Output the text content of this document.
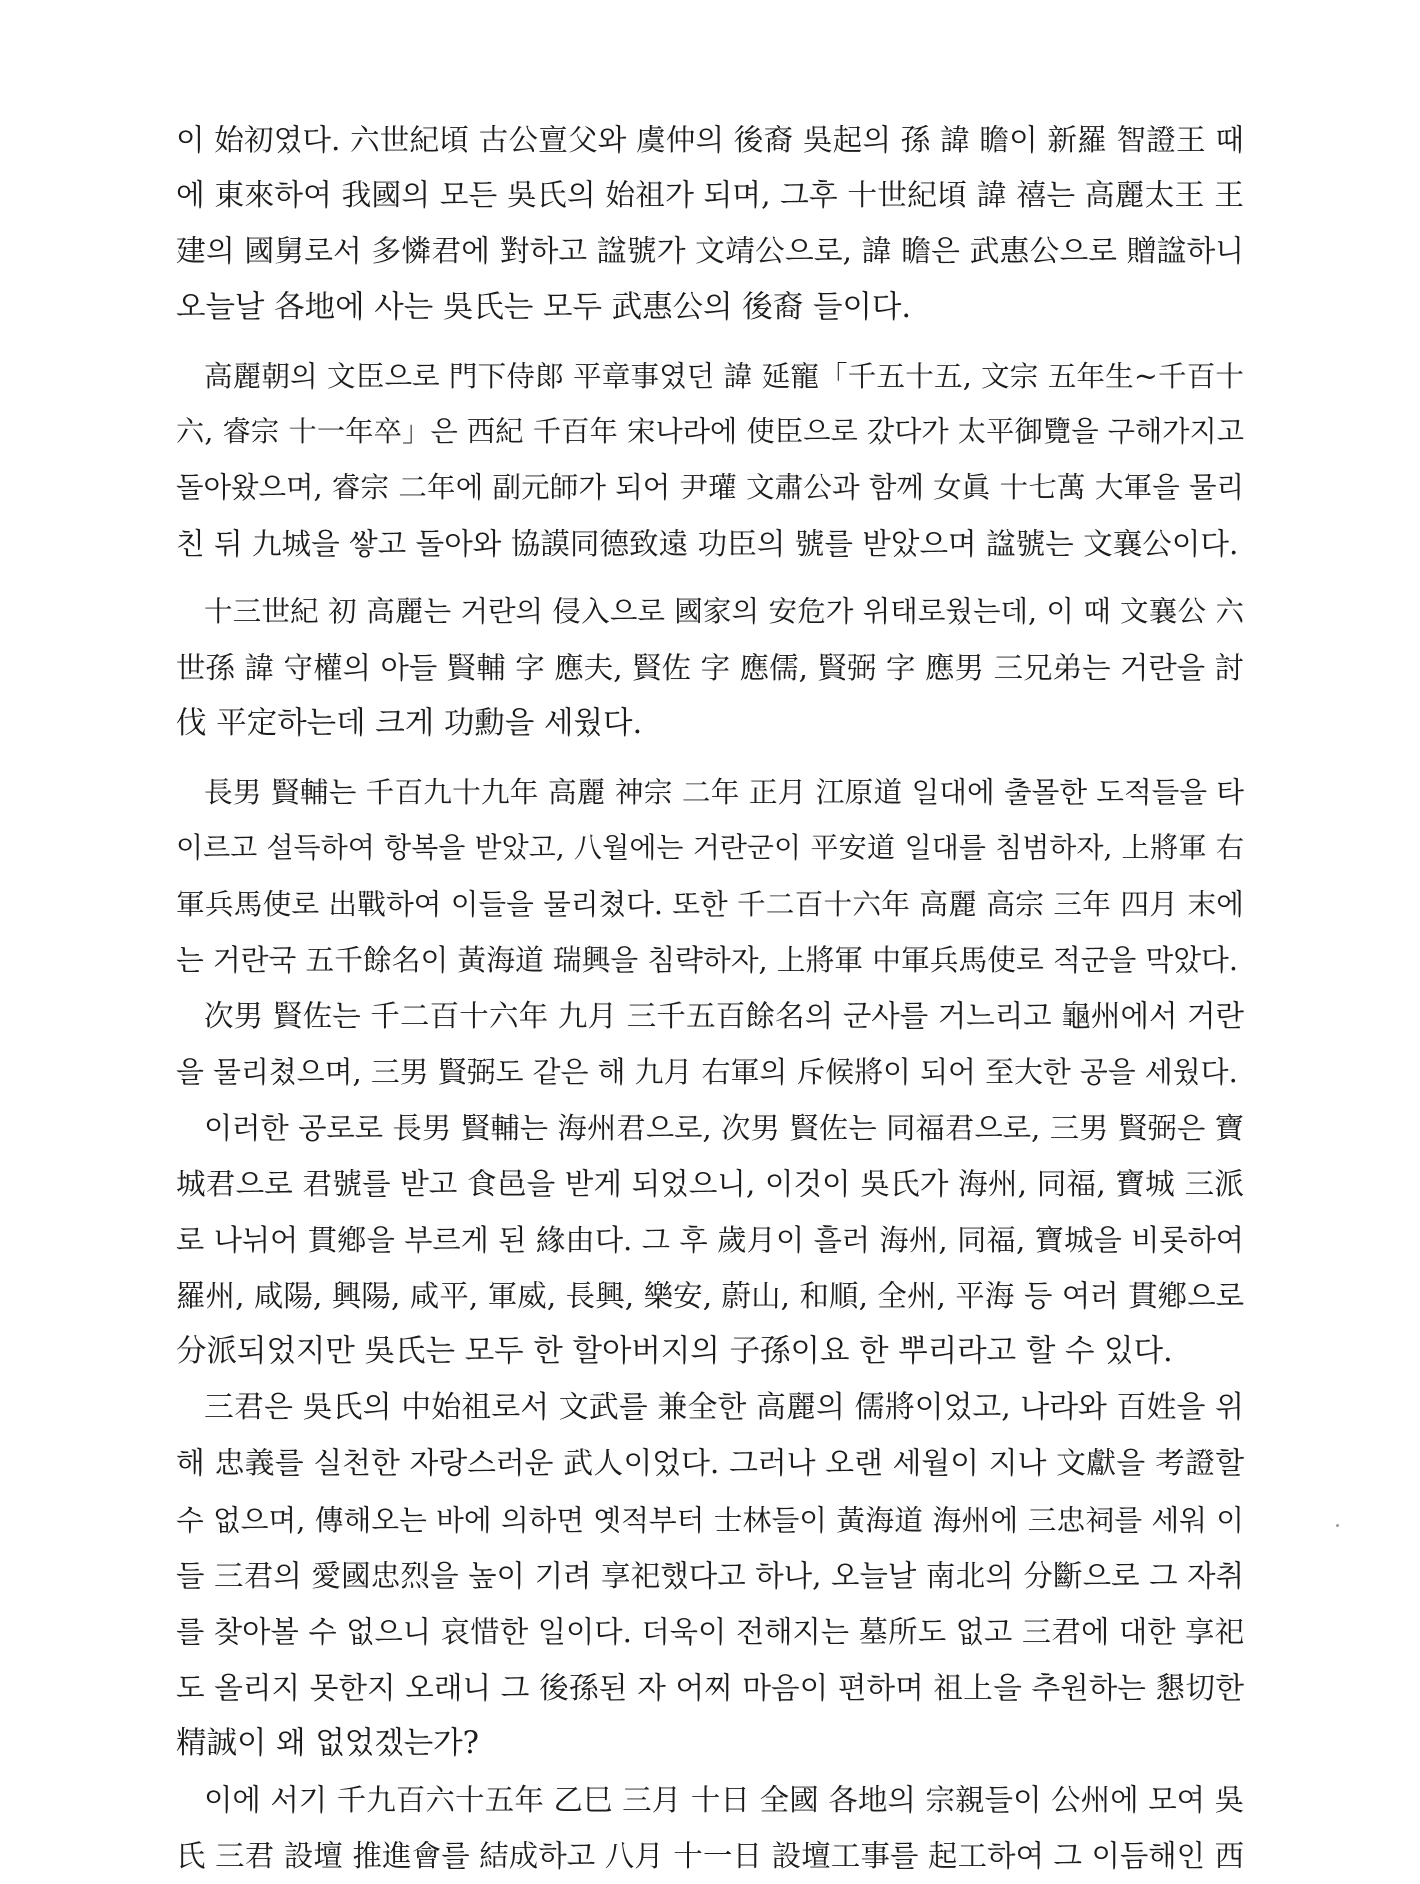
이 始初였다. 六世紀頃 古公亶父와 虞仲의 後裔 吳起의 孫 諱 瞻이 新羅 智證王 때
에 東來하여 我國의 모든 吳氏의 始祖가 되며, 그후 十世紀頃 諱 禧는 高麗太王 王
建의 國舅로서 多憐君에 對하고 諡號가 文靖公으로, 諱 瞻은 武惠公으로 贈諡하니
오늘날 各地에 사는 吳氏는 모두 武惠公의 後裔 들이다.
高麗朝의 文臣으로 門下侍郞 平章事였던 諱 延寵「千五十五, 文宗 五年生~千百十
六, 睿宗 十一年卒」은 西紀 千百年 宋나라에 使臣으로 갔다가 太平御覽을 구해가지고
돌아왔으며, 睿宗 二年에 副元師가 되어 尹瓘 文肅公과 함께 女眞 十七萬 大軍을 물리
친 뒤 九城을 쌓고 돌아와 協謨同德致遠 功臣의 號를 받았으며 諡號는 文襄公이다.
十三世紀 初 高麗는 거란의 侵入으로 國家의 安危가 위태로웠는데, 이 때 文襄公 六
世孫 諱 守權의 아들 賢輔 字 應夫, 賢佐 字 應儒, 賢弼 字 應男 三兄弟는 거란을 討
伐 平定하는데 크게 功勳을 세웠다.
長男 賢輔는 千百九十九年 高麗 神宗 二年 正月 江原道 일대에 출몰한 도적들을 타
이르고 설득하여 항복을 받았고, 八월에는 거란군이 平安道 일대를 침범하자, 上將軍 右
軍兵馬使로 出戰하여 이들을 물리쳤다. 또한 千二百十六年 高麗 高宗 三年 四月 末에
는 거란국 五千餘名이 黃海道 瑞興을 침략하자, 上將軍 中軍兵馬使로 적군을 막았다.
次男 賢佐는 千二百十六年 九月 三千五百餘名의 군사를 거느리고 龜州에서 거란
을 물리쳤으며, 三男 賢弼도 같은 해 九月 右軍의 斥候將이 되어 至大한 공을 세웠다.
이러한 공로로 長男 賢輔는 海州君으로, 次男 賢佐는 同福君으로, 三男 賢弼은 寶
城君으로 君號를 받고 食邑을 받게 되었으니, 이것이 吳氏가 海州, 同福, 寶城 三派
로 나뉘어 貫鄕을 부르게 된 緣由다. 그 후 歲月이 흘러 海州, 同福, 寶城을 비롯하여
羅州, 咸陽, 興陽, 咸平, 軍威, 長興, 樂安, 蔚山, 和順, 全州, 平海 등 여러 貫鄕으로
分派되었지만 吳氏는 모두 한 할아버지의 子孫이요 한 뿌리라고 할 수 있다.
三君은 吳氏의 中始祖로서 文武를 兼全한 高麗의 儒將이었고, 나라와 百姓을 위
해 忠義를 실천한 자랑스러운 武人이었다. 그러나 오랜 세월이 지나 文獻을 考證할
수 없으며, 傳해오는 바에 의하면 옛적부터 士林들이 黃海道 海州에 三忠祠를 세워 이
들 三君의 愛國忠烈을 높이 기려 享祀했다고 하나, 오늘날 南北의 分斷으로 그 자취
를 찾아볼 수 없으니 哀惜한 일이다. 더욱이 전해지는 墓所도 없고 三君에 대한 享祀
도 올리지 못한지 오래니 그 後孫된 자 어찌 마음이 편하며 祖上을 추원하는 懇切한
精誠이 왜 없었겠는가?
이에 서기 千九百六十五年 乙巳 三月 十日 全國 各地의 宗親들이 公州에 모여 吳
氏 三君 設壇 推進會를 結成하고 八月 十一日 設壇工事를 起工하여 그 이듬해인 西
